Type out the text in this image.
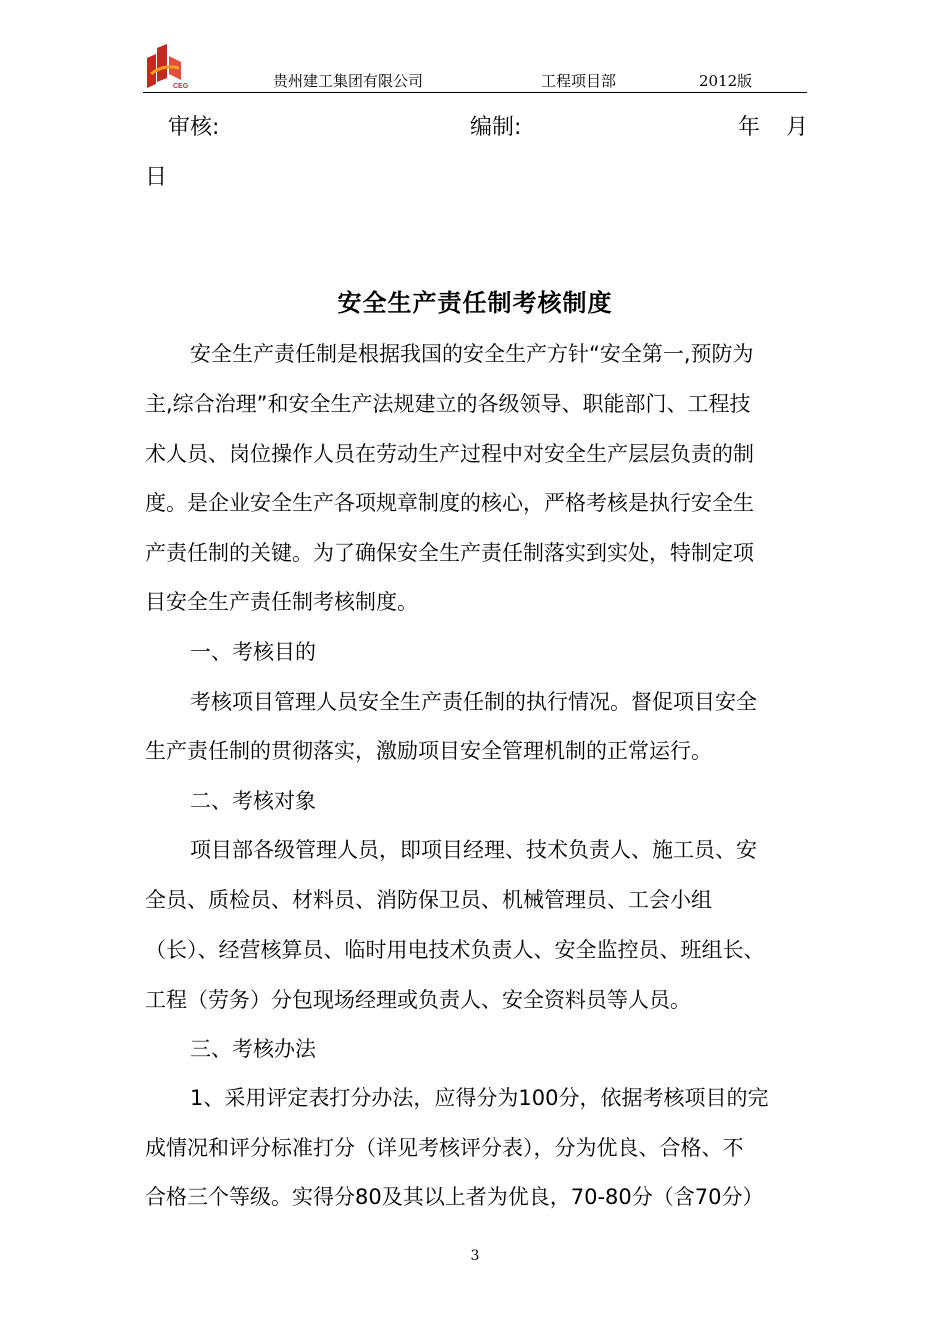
CEG	贵州建工集团有限公司	工程项目部	2012版
审核:	编制:	年 月
日
安全生产责任制考核制度
安全生产责任制是根据我国的安全生产方针“安全第一,预防为
主,综合治理”和安全生产法规建立的各级领导、职能部门、工程技
术人员、岗位操作人员在劳动生产过程中对安全生产层层负责的制
度。是企业安全生产各项规章制度的核心，严格考核是执行安全生
产责任制的关键。为了确保安全生产责任制落实到实处，特制定项
目安全生产责任制考核制度。
一、考核目的
考核项目管理人员安全生产责任制的执行情况。督促项目安全
生产责任制的贯彻落实，激励项目安全管理机制的正常运行。
二、考核对象
项目部各级管理人员，即项目经理、技术负责人、施工员、安
全员、质检员、材料员、消防保卫员、机械管理员、工会小组
（长）、经营核算员、临时用电技术负责人、安全监控员、班组长、
工程（劳务）分包现场经理或负责人、安全资料员等人员。
三、考核办法
1、采用评定表打分办法，应得分为100分，依据考核项目的完
成情况和评分标准打分（详见考核评分表），分为优良、合格、不
合格三个等级。实得分80及其以上者为优良，70-80分（含70分）
3
